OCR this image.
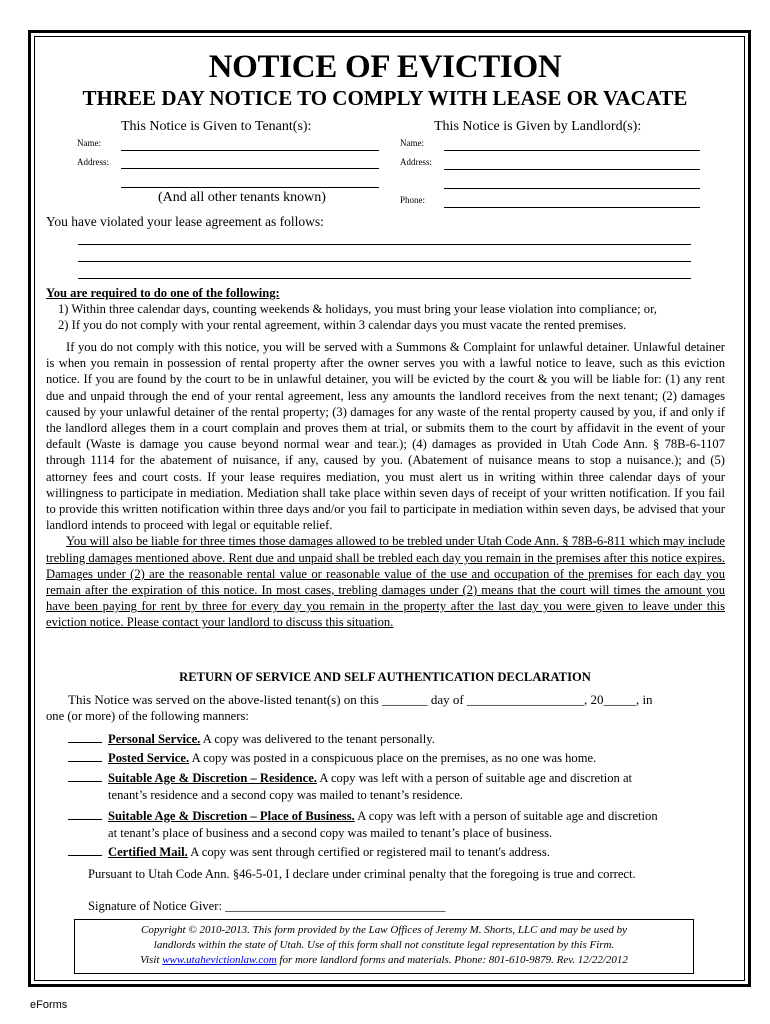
NOTICE OF EVICTION
THREE DAY NOTICE TO COMPLY WITH LEASE OR VACATE
This Notice is Given to Tenant(s):
Name:
Address:
(And all other tenants known)
This Notice is Given by Landlord(s):
Name:
Address:
Phone:
You have violated your lease agreement as follows:
You are required to do one of the following:
1) Within three calendar days, counting weekends & holidays, you must bring your lease violation into compliance; or,
2) If you do not comply with your rental agreement, within 3 calendar days you must vacate the rented premises.

If you do not comply with this notice, you will be served with a Summons & Complaint for unlawful detainer. Unlawful detainer is when you remain in possession of rental property after the owner serves you with a lawful notice to leave, such as this eviction notice. If you are found by the court to be in unlawful detainer, you will be evicted by the court & you will be liable for: (1) any rent due and unpaid through the end of your rental agreement, less any amounts the landlord receives from the next tenant; (2) damages caused by your unlawful detainer of the rental property; (3) damages for any waste of the rental property caused by you, if and only if the landlord alleges them in a court complain and proves them at trial, or submits them to the court by affidavit in the event of your default (Waste is damage you cause beyond normal wear and tear.); (4) damages as provided in Utah Code Ann. § 78B-6-1107 through 1114 for the abatement of nuisance, if any, caused by you. (Abatement of nuisance means to stop a nuisance.); and (5) attorney fees and court costs. If your lease requires mediation, you must alert us in writing within three calendar days of your willingness to participate in mediation. Mediation shall take place within seven days of receipt of your written notification. If you fail to provide this written notification within three days and/or you fail to participate in mediation within seven days, be advised that your landlord intends to proceed with legal or equitable relief.

You will also be liable for three times those damages allowed to be trebled under Utah Code Ann. § 78B-6-811 which may include trebling damages mentioned above. Rent due and unpaid shall be trebled each day you remain in the premises after this notice expires. Damages under (2) are the reasonable rental value or reasonable value of the use and occupation of the premises for each day you remain after the expiration of this notice. In most cases, trebling damages under (2) means that the court will times the amount you have been paying for rent by three for every day you remain in the property after the last day you were given to leave under this eviction notice. Please contact your landlord to discuss this situation.

RETURN OF SERVICE AND SELF AUTHENTICATION DECLARATION
This Notice was served on the above-listed tenant(s) on this _______ day of __________________, 20_____, in
one (or more) of the following manners:
Personal Service. A copy was delivered to the tenant personally.
Posted Service. A copy was posted in a conspicuous place on the premises, as no one was home.
Suitable Age & Discretion – Residence. A copy was left with a person of suitable age and discretion at
tenant’s residence and a second copy was mailed to tenant’s residence.
Suitable Age & Discretion – Place of Business. A copy was left with a person of suitable age and discretion
at tenant’s place of business and a second copy was mailed to tenant’s place of business.
Certified Mail. A copy was sent through certified or registered mail to tenant's address.
Pursuant to Utah Code Ann. §46-5-01, I declare under criminal penalty that the foregoing is true and correct.
Signature of Notice Giver: ___________________________________
Copyright © 2010-2013. This form provided by the Law Offices of Jeremy M. Shorts, LLC and may be used by
landlords within the state of Utah. Use of this form shall not constitute legal representation by this Firm.
Visit www.utahevictionlaw.com for more landlord forms and materials. Phone: 801-610-9879. Rev. 12/22/2012
eForms
